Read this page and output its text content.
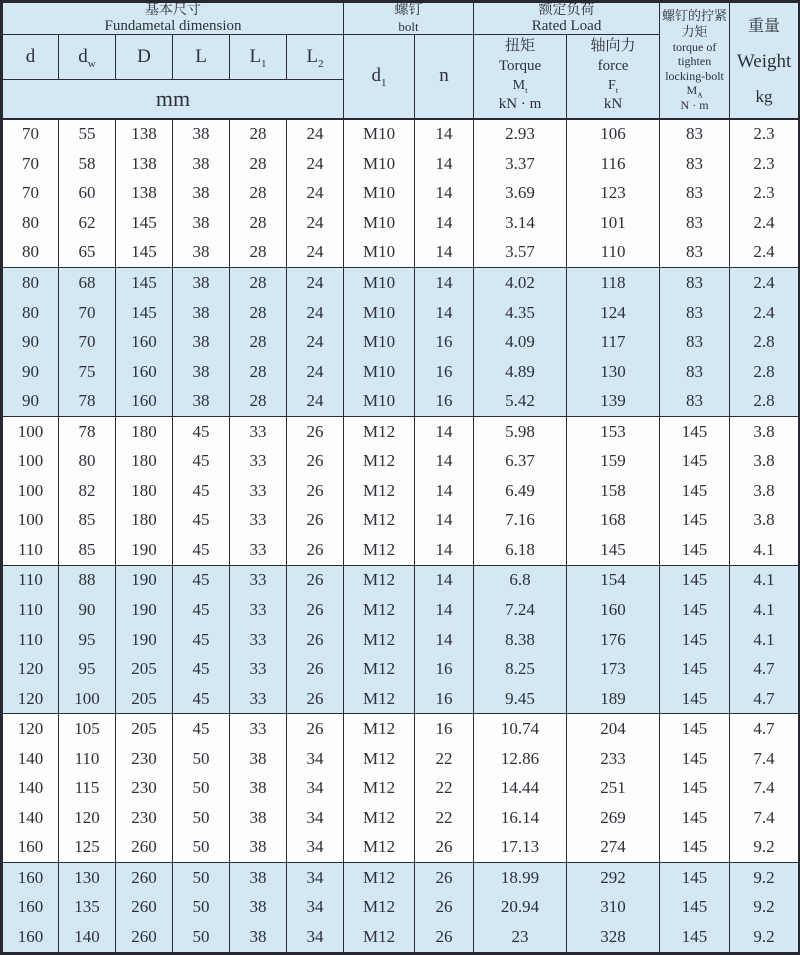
基本尺寸
Fundametal dimension

螺钉
bolt

额定负荷
Rated Load

螺钉的拧紧
力矩
torque of
tighten
locking-bolt
$M_A$
N · m

重量
Weight
kg

d	$d_w$	D	L	$L_1$	$L_2$	$d_1$	n	扭矩
Torque
$M_t$
kN · m	轴向力
force
$F_t$
kN		

mm											
70	55	138	38	28	24	M10	14	2.93	106	83	2.3
70	58	138	38	28	24	M10	14	3.37	116	83	2.3
70	60	138	38	28	24	M10	14	3.69	123	83	2.3
80	62	145	38	28	24	M10	14	3.14	101	83	2.4
80	65	145	38	28	24	M10	14	3.57	110	83	2.4
80	68	145	38	28	24	M10	14	4.02	118	83	2.4
80	70	145	38	28	24	M10	14	4.35	124	83	2.4
90	70	160	38	28	24	M10	16	4.09	117	83	2.8
90	75	160	38	28	24	M10	16	4.89	130	83	2.8
90	78	160	38	28	24	M10	16	5.42	139	83	2.8
100	78	180	45	33	26	M12	14	5.98	153	145	3.8
100	80	180	45	33	26	M12	14	6.37	159	145	3.8
100	82	180	45	33	26	M12	14	6.49	158	145	3.8
100	85	180	45	33	26	M12	14	7.16	168	145	3.8
110	85	190	45	33	26	M12	14	6.18	145	145	4.1
110	88	190	45	33	26	M12	14	6.8	154	145	4.1
110	90	190	45	33	26	M12	14	7.24	160	145	4.1
110	95	190	45	33	26	M12	14	8.38	176	145	4.1
120	95	205	45	33	26	M12	16	8.25	173	145	4.7
120	100	205	45	33	26	M12	16	9.45	189	145	4.7
120	105	205	45	33	26	M12	16	10.74	204	145	4.7
140	110	230	50	38	34	M12	22	12.86	233	145	7.4
140	115	230	50	38	34	M12	22	14.44	251	145	7.4
140	120	230	50	38	34	M12	22	16.14	269	145	7.4
160	125	260	50	38	34	M12	26	17.13	274	145	9.2
160	130	260	50	38	34	M12	26	18.99	292	145	9.2
160	135	260	50	38	34	M12	26	20.94	310	145	9.2
160	140	260	50	38	34	M12	26	23	328	145	9.2
